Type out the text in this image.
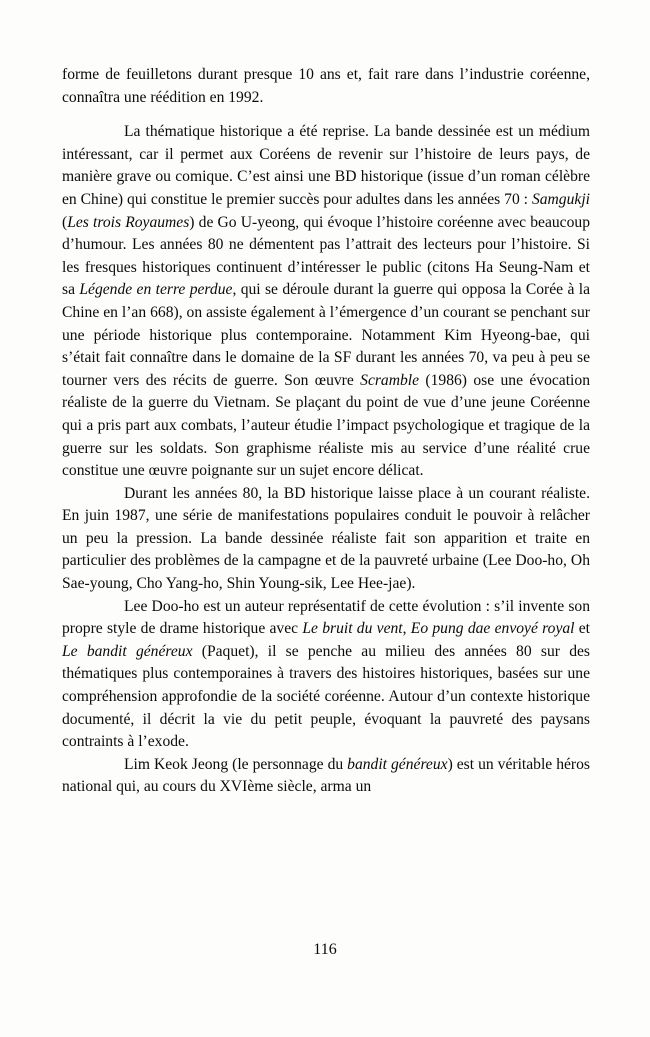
forme de feuilletons durant presque 10 ans et, fait rare dans l’industrie coréenne, connaîtra une réédition en 1992.

La thématique historique a été reprise. La bande dessinée est un médium intéressant, car il permet aux Coréens de revenir sur l’histoire de leurs pays, de manière grave ou comique. C’est ainsi une BD historique (issue d’un roman célèbre en Chine) qui constitue le premier succès pour adultes dans les années 70 : Samgukji (Les trois Royaumes) de Go U-yeong, qui évoque l’histoire coréenne avec beaucoup d’humour. Les années 80 ne démentent pas l’attrait des lecteurs pour l’histoire. Si les fresques historiques continuent d’intéresser le public (citons Ha Seung-Nam et sa Légende en terre perdue, qui se déroule durant la guerre qui opposa la Corée à la Chine en l’an 668), on assiste également à l’émergence d’un courant se penchant sur une période historique plus contemporaine. Notamment Kim Hyeong-bae, qui s’était fait connaître dans le domaine de la SF durant les années 70, va peu à peu se tourner vers des récits de guerre. Son œuvre Scramble (1986) ose une évocation réaliste de la guerre du Vietnam. Se plaçant du point de vue d’une jeune Coréenne qui a pris part aux combats, l’auteur étudie l’impact psychologique et tragique de la guerre sur les soldats. Son graphisme réaliste mis au service d’une réalité crue constitue une œuvre poignante sur un sujet encore délicat.

Durant les années 80, la BD historique laisse place à un courant réaliste. En juin 1987, une série de manifestations populaires conduit le pouvoir à relâcher un peu la pression. La bande dessinée réaliste fait son apparition et traite en particulier des problèmes de la campagne et de la pauvreté urbaine (Lee Doo-ho, Oh Sae-young, Cho Yang-ho, Shin Young-sik, Lee Hee-jae).

Lee Doo-ho est un auteur représentatif de cette évolution : s’il invente son propre style de drame historique avec Le bruit du vent, Eo pung dae envoyé royal et Le bandit généreux (Paquet), il se penche au milieu des années 80 sur des thématiques plus contemporaines à travers des histoires historiques, basées sur une compréhension approfondie de la société coréenne. Autour d’un contexte historique documenté, il décrit la vie du petit peuple, évoquant la pauvreté des paysans contraints à l’exode.

Lim Keok Jeong (le personnage du bandit généreux) est un véritable héros national qui, au cours du XVIème siècle, arma un

116
